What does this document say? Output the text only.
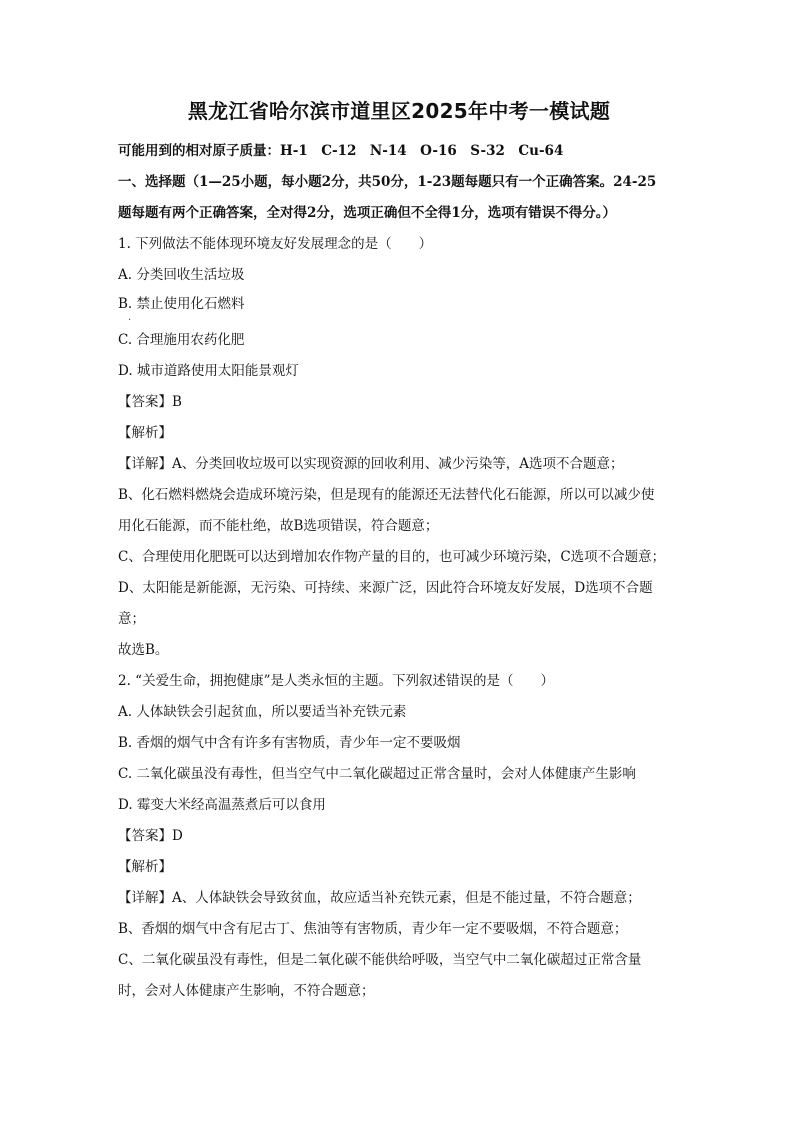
黑龙江省哈尔滨市道里区2025年中考一模试题

可能用到的相对原子质量：H-1　C-12　N-14　O-16　S-32　Cu-64

一、选择题（1—25小题，每小题2分，共50分，1-23题每题只有一个正确答案。24-25

题每题有两个正确答案，全对得2分，选项正确但不全得1分，选项有错误不得分。）

1. 下列做法不能体现环境友好发展理念的是（　　）

A. 分类回收生活垃圾

B. 禁止使用化石燃料

·

C. 合理施用农药化肥

D. 城市道路使用太阳能景观灯

【答案】B

【解析】

【详解】A、分类回收垃圾可以实现资源的回收利用、减少污染等，A选项不合题意；

B、化石燃料燃烧会造成环境污染，但是现有的能源还无法替代化石能源，所以可以减少使

用化石能源，而不能杜绝，故B选项错误，符合题意；

C、合理使用化肥既可以达到增加农作物产量的目的，也可减少环境污染，C选项不合题意；

D、太阳能是新能源，无污染、可持续、来源广泛，因此符合环境友好发展，D选项不合题

意；

故选B。

2. “关爱生命，拥抱健康”是人类永恒的主题。下列叙述错误的是（　　）

A. 人体缺铁会引起贫血，所以要适当补充铁元素

B. 香烟的烟气中含有许多有害物质，青少年一定不要吸烟

C. 二氧化碳虽没有毒性，但当空气中二氧化碳超过正常含量时，会对人体健康产生影响

D. 霉变大米经高温蒸煮后可以食用

【答案】D

【解析】

【详解】A、人体缺铁会导致贫血，故应适当补充铁元素，但是不能过量，不符合题意；

B、香烟的烟气中含有尼古丁、焦油等有害物质，青少年一定不要吸烟，不符合题意；

C、二氧化碳虽没有毒性，但是二氧化碳不能供给呼吸，当空气中二氧化碳超过正常含量

时，会对人体健康产生影响，不符合题意；
